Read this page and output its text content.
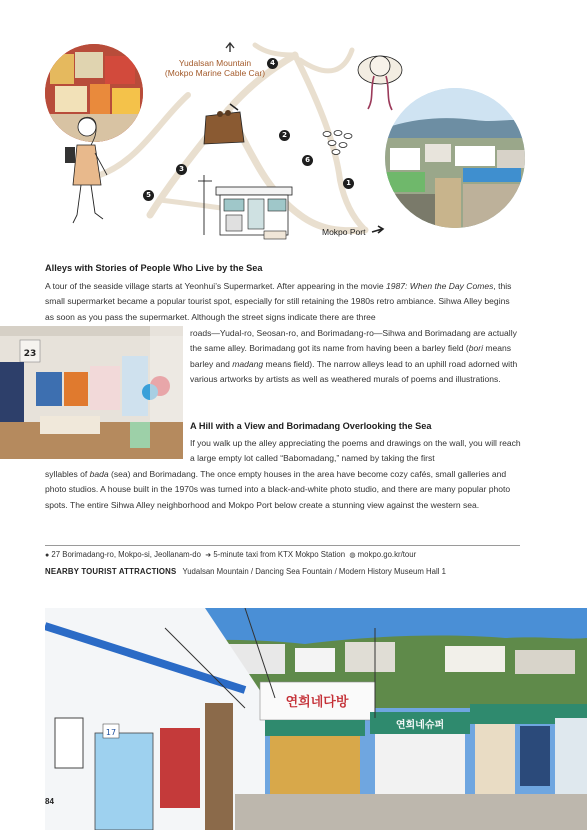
Yudalsan Mountain
(Mokpo Marine Cable Car)
Mokpo Port
1
2
3
4
5
6
Alleys with Stories of People Who Live by the Sea
A tour of the seaside village starts at Yeonhui’s Supermarket. After appearing in the movie 1987: When the Day Comes, this small supermarket became a popular tourist spot, especially for still retaining the 1980s retro ambiance. Sihwa Alley begins as soon as you pass the supermarket. Although the street signs indicate there are three
23
roads—Yudal-ro, Seosan-ro, and Borimadang-ro—Sihwa and Borimadang are actually the same alley. Borimadang got its name from having been a barley field (bori means barley and madang means field). The narrow alleys lead to an uphill road adorned with various artworks by artists as well as weathered murals of poems and illustrations.
A Hill with a View and Borimadang Overlooking the Sea
If you walk up the alley appreciating the poems and drawings on the wall, you will reach a large empty lot called “Babomadang,” named by taking the first
syllables of bada (sea) and Borimadang. The once empty houses in the area have become cozy cafés, small galleries and photo studios. A house built in the 1970s was turned into a black-and-white photo studio, and there are many popular photo spots. The entire Sihwa Alley neighborhood and Mokpo Port below create a stunning view against the western sea.
● 27 Borimadang-ro, Mokpo-si, Jeollanam-do ➜ 5-minute taxi from KTX Mokpo Station ◍ mokpo.go.kr/tour
NEARBY TOURIST ATTRACTIONS Yudalsan Mountain / Dancing Sea Fountain / Modern History Museum Hall 1
17
연희네다방
연희네슈퍼
84
